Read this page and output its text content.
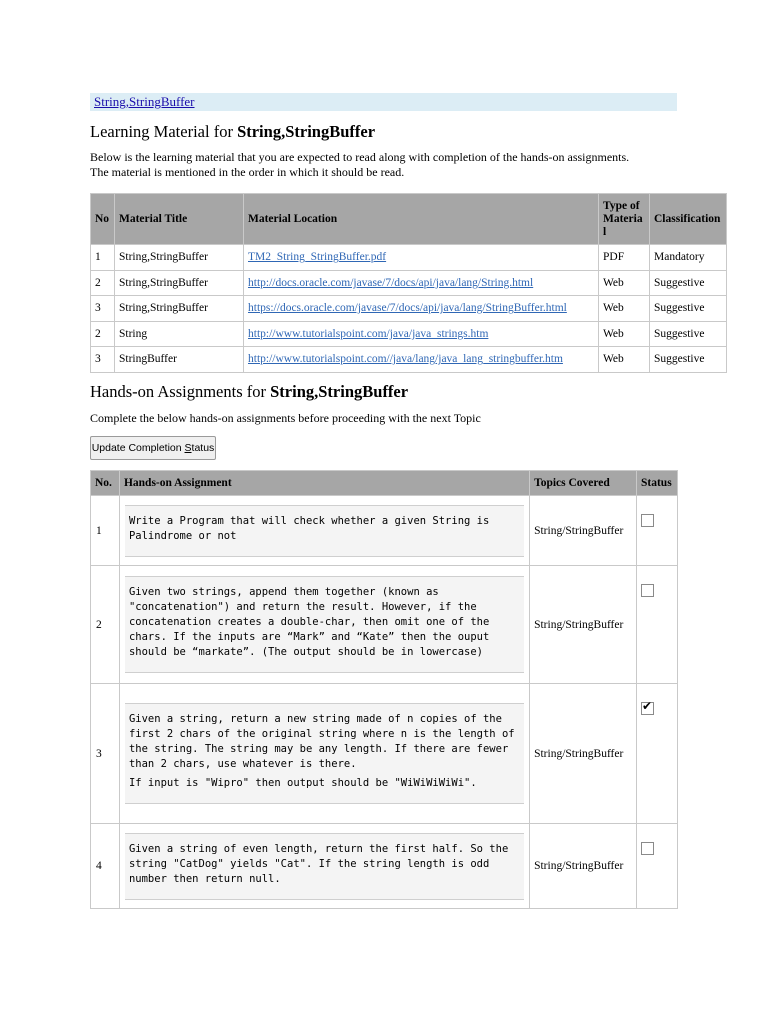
String,StringBuffer
Learning Material for String,StringBuffer

Below is the learning material that you are expected to read along with completion of the hands-on assignments. The material is mentioned in the order in which it should be read.

No	Material Title	Material Location	Type of Materia l	Classification
1	String,StringBuffer	TM2_String_StringBuffer.pdf	PDF	Mandatory
2	String,StringBuffer	http://docs.oracle.com/javase/7/docs/api/java/lang/String.html	Web	Suggestive
3	String,StringBuffer	https://docs.oracle.com/javase/7/docs/api/java/lang/StringBuffer.html	Web	Suggestive
2	String	http://www.tutorialspoint.com/java/java_strings.htm	Web	Suggestive
3	StringBuffer	http://www.tutorialspoint.com//java/lang/java_lang_stringbuffer.htm	Web	Suggestive
Hands-on Assignments for String,StringBuffer

Complete the below hands-on assignments before proceeding with the next Topic

Update Completion Status
No.	Hands-on Assignment	Topics Covered	Status
1	Write a Program that will check whether a given String is Palindrome or not	String/StringBuffer	
2	Given two strings, append them together (known as "concatenation") and return the result. However, if the concatenation creates a double-char, then omit one of the chars. If the inputs are “Mark” and “Kate” then the ouput should be “markate”. (The output should be in lowercase)	String/StringBuffer	
3	Given a string, return a new string made of n copies of the first 2 chars of the original string where n is the length of the string. The string may be any length. If there are fewer than 2 chars, use whatever is there.

If input is "Wipro" then output should be "WiWiWiWiWi".	String/StringBuffer	✔

4	Given a string of even length, return the first half. So the string "CatDog" yields "Cat". If the string length is odd number then return null.	String/StringBuffer	
